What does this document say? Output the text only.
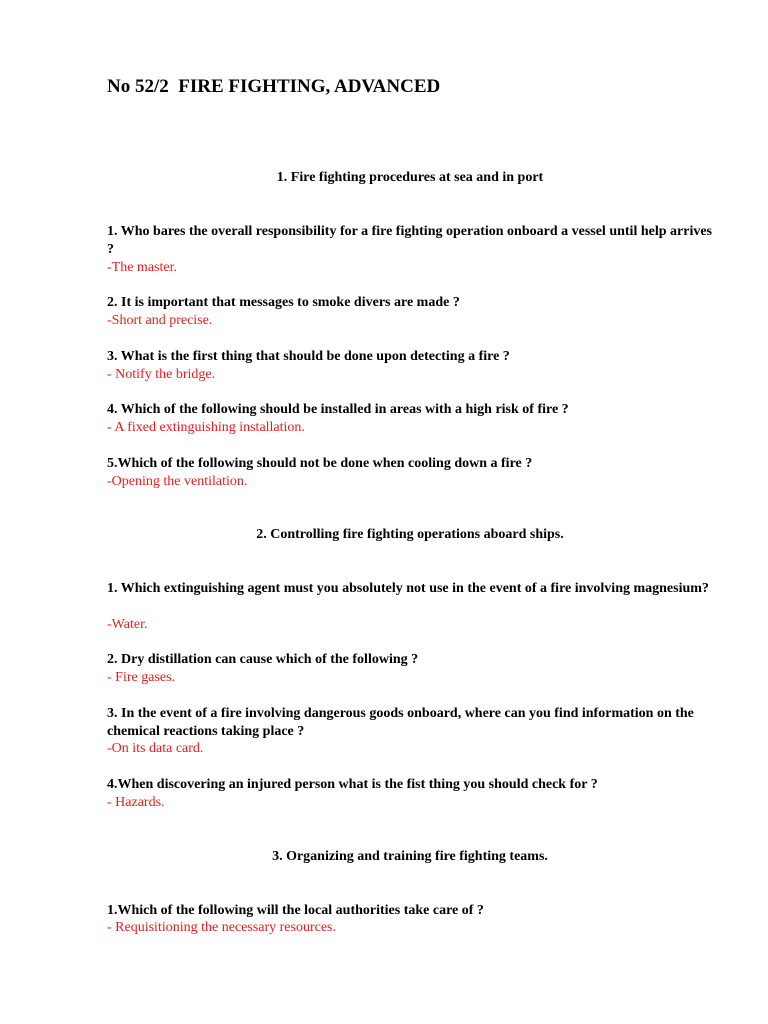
No 52/2  FIRE FIGHTING, ADVANCED

1. Fire fighting procedures at sea and in port

1. Who bares the overall responsibility for a fire fighting operation onboard a vessel until help arrives ?

-The master.

2. It is important that messages to smoke divers are made ?

-Short and precise.

3. What is the first thing that should be done upon detecting a fire ?

- Notify the bridge.

4. Which of the following should be installed in areas with a high risk of fire ?

- A fixed extinguishing installation.

5.Which of the following should not be done when cooling down a fire ?

-Opening the ventilation.

2. Controlling fire fighting operations aboard ships.

1. Which extinguishing agent must you absolutely not use in the event of a fire involving magnesium?

-Water.

2. Dry distillation can cause which of the following ?

- Fire gases.

3. In the event of a fire involving dangerous goods onboard, where can you find information on the chemical reactions taking place ?

-On its data card.

4.When discovering an injured person what is the fist thing you should check for ?

- Hazards.

3. Organizing and training fire fighting teams.

1.Which of the following will the local authorities take care of ?

- Requisitioning the necessary resources.
